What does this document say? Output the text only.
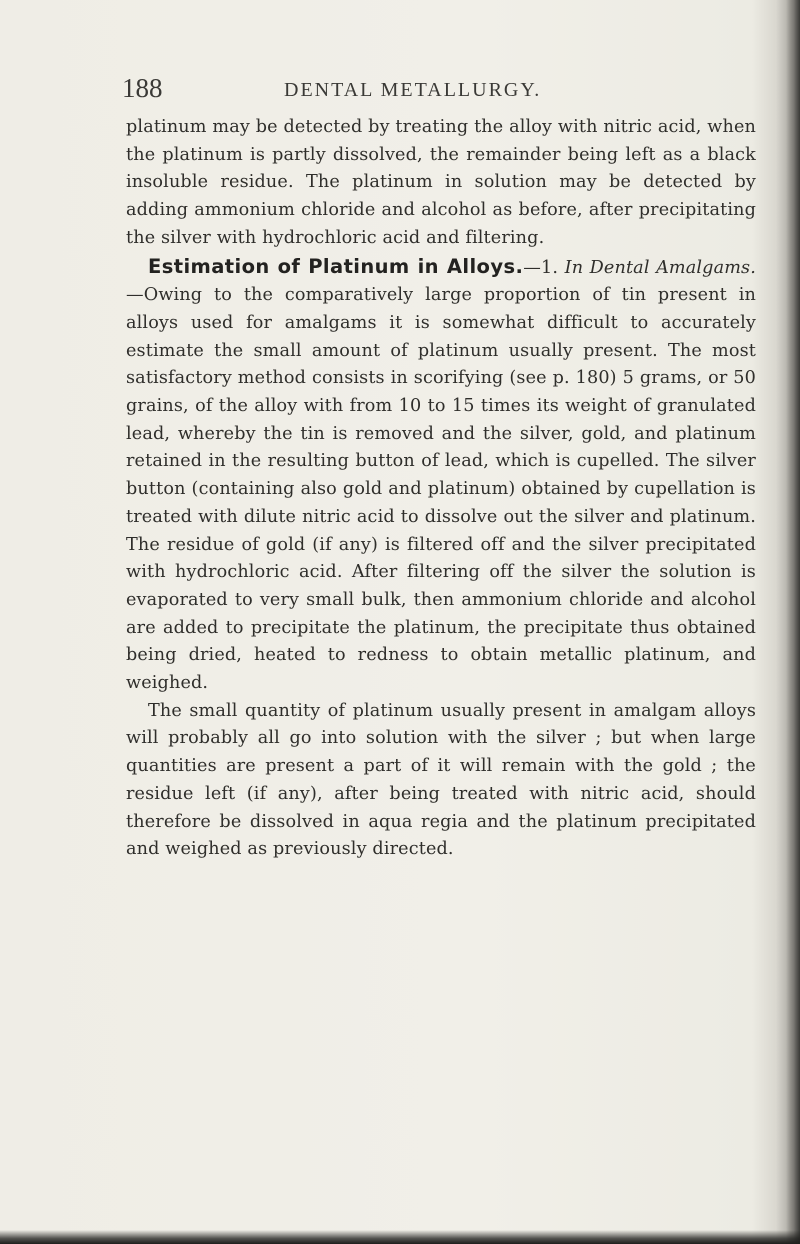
188	DENTAL METALLURGY.

platinum may be detected by treating the alloy with nitric acid, when the platinum is partly dissolved, the remainder being left as a black insoluble residue. The platinum in solution may be detected by adding ammonium chloride and alcohol as before, after precipitating the silver with hydrochloric acid and filtering.

Estimation of Platinum in Alloys.—1. In Dental Amalgams.—Owing to the comparatively large proportion of tin present in alloys used for amalgams it is somewhat difficult to accurately estimate the small amount of platinum usually present. The most satisfactory method consists in scorifying (see p. 180) 5 grams, or 50 grains, of the alloy with from 10 to 15 times its weight of granulated lead, whereby the tin is removed and the silver, gold, and platinum retained in the resulting button of lead, which is cupelled. The silver button (containing also gold and platinum) obtained by cupellation is treated with dilute nitric acid to dissolve out the silver and platinum. The residue of gold (if any) is filtered off and the silver precipitated with hydrochloric acid. After filtering off the silver the solution is evaporated to very small bulk, then ammonium chloride and alcohol are added to precipitate the platinum, the precipitate thus obtained being dried, heated to redness to obtain metallic platinum, and weighed.

The small quantity of platinum usually present in amalgam alloys will probably all go into solution with the silver ; but when large quantities are present a part of it will remain with the gold ; the residue left (if any), after being treated with nitric acid, should therefore be dissolved in aqua regia and the platinum precipitated and weighed as previously directed.
